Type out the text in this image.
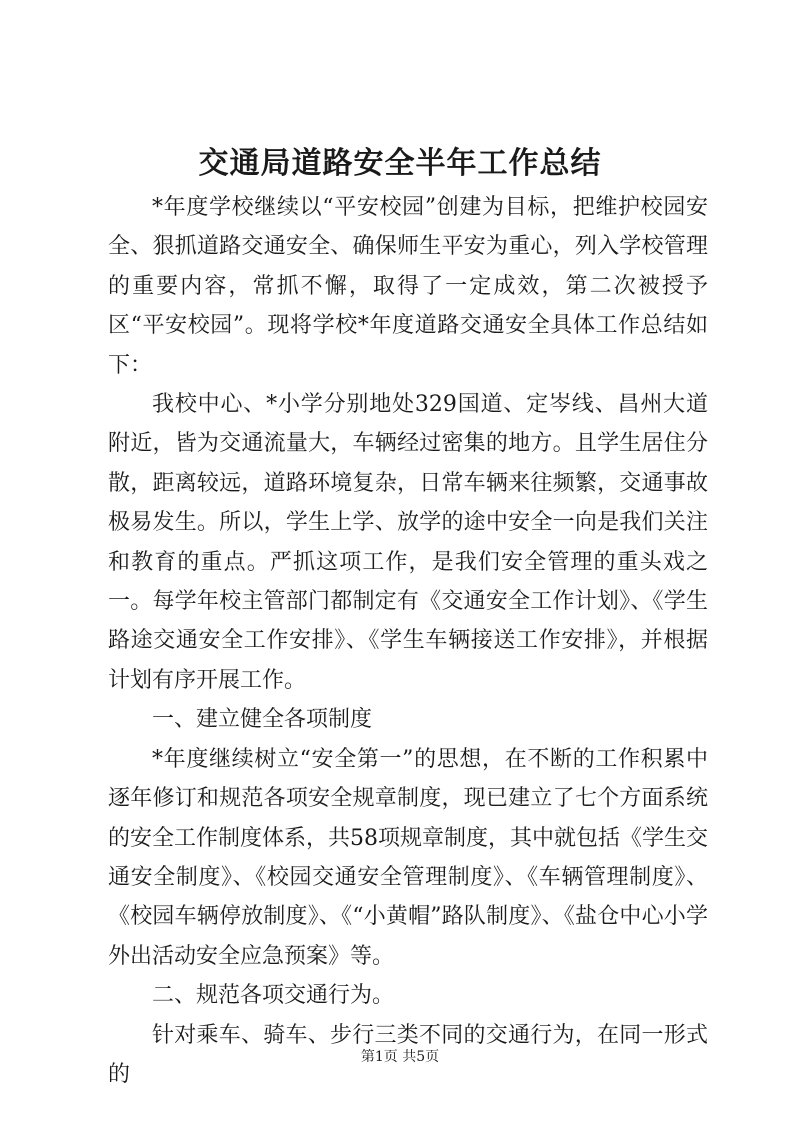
交通局道路安全半年工作总结

*年度学校继续以“平安校园”创建为目标，把维护校园安全、狠抓道路交通安全、确保师生平安为重心，列入学校管理的重要内容，常抓不懈，取得了一定成效，第二次被授予区“平安校园”。现将学校*年度道路交通安全具体工作总结如下：

我校中心、*小学分别地处329国道、定岑线、昌州大道附近，皆为交通流量大，车辆经过密集的地方。且学生居住分散，距离较远，道路环境复杂，日常车辆来往频繁，交通事故极易发生。所以，学生上学、放学的途中安全一向是我们关注和教育的重点。严抓这项工作，是我们安全管理的重头戏之一。每学年校主管部门都制定有《交通安全工作计划》、《学生路途交通安全工作安排》、《学生车辆接送工作安排》，并根据计划有序开展工作。

一、建立健全各项制度

*年度继续树立“安全第一”的思想，在不断的工作积累中逐年修订和规范各项安全规章制度，现已建立了七个方面系统的安全工作制度体系，共58项规章制度，其中就包括《学生交通安全制度》、《校园交通安全管理制度》、《车辆管理制度》、《校园车辆停放制度》、《“小黄帽”路队制度》、《盐仓中心小学外出活动安全应急预案》等。

二、规范各项交通行为。

针对乘车、骑车、步行三类不同的交通行为，在同一形式的

第1页 共5页
